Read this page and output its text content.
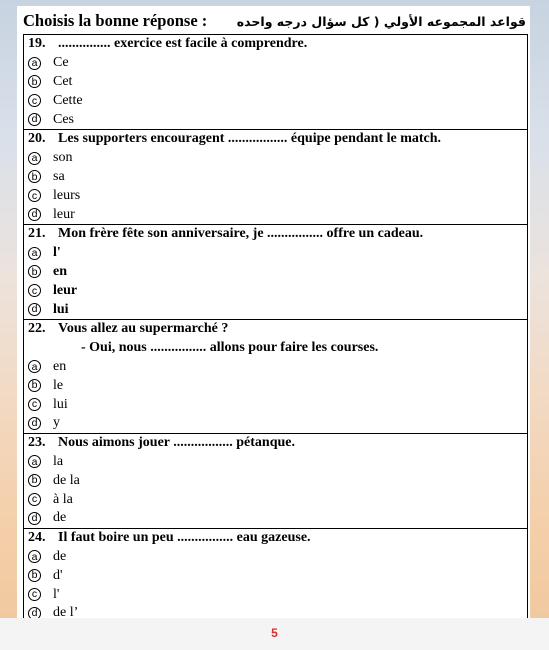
Choisis la bonne réponse : قواعد المجموعه الأولي ( كل سؤال درجه واحده
19. ............... exercice est facile à comprendre.
a Ce
b Cet
c Cette
d Ces
20. Les supporters encouragent ................. équipe pendant le match.
a son
b sa
c leurs
d leur
21. Mon frère fête son anniversaire, je ................ offre un cadeau.
a l'
b en
c leur
d lui
22. Vous allez au supermarché ?
- Oui, nous ................ allons pour faire les courses.
a en
b le
c lui
d y
23. Nous aimons jouer ................. pétanque.
a la
b de la
c à la
d de
24. Il faut boire un peu ................ eau gazeuse.
a de
b d'
c l'
d de l’
5
